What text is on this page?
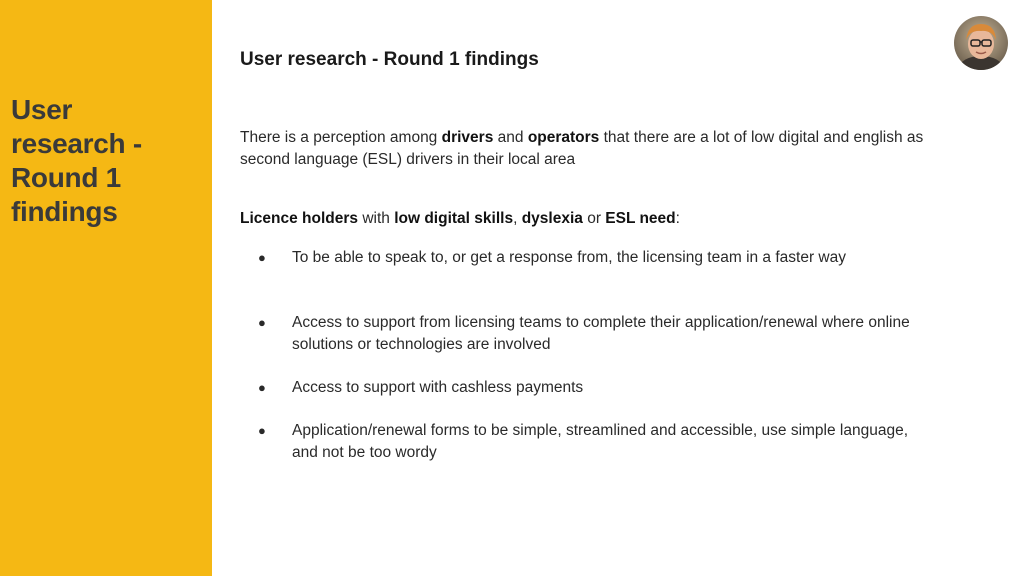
User
research -
Round 1
findings
User research - Round 1 findings
There is a perception among drivers and operators that there are a lot of low digital and english as second language (ESL) drivers in their local area
Licence holders with low digital skills, dyslexia or ESL need:
●	To be able to speak to, or get a response from, the licensing team in a faster way
●	Access to support from licensing teams to complete their application/renewal where online solutions or technologies are involved
●	Access to support with cashless payments
●	Application/renewal forms to be simple, streamlined and accessible, use simple language, and not be too wordy
